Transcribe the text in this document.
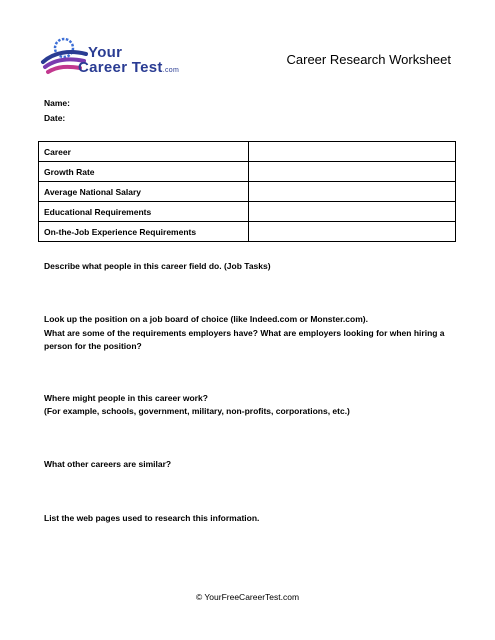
Your
Career Test.com
Career Research Worksheet
Name:
Date:
Career	
Growth Rate	
Average National Salary	
Educational Requirements	
On-the-Job Experience Requirements	
Describe what people in this career field do. (Job Tasks)
Look up the position on a job board of choice (like Indeed.com or Monster.com).
What are some of the requirements employers have? What are employers looking for when hiring a
person for the position?
Where might people in this career work?
(For example, schools, government, military, non-profits, corporations, etc.)
What other careers are similar?
List the web pages used to research this information.
© YourFreeCareerTest.com
